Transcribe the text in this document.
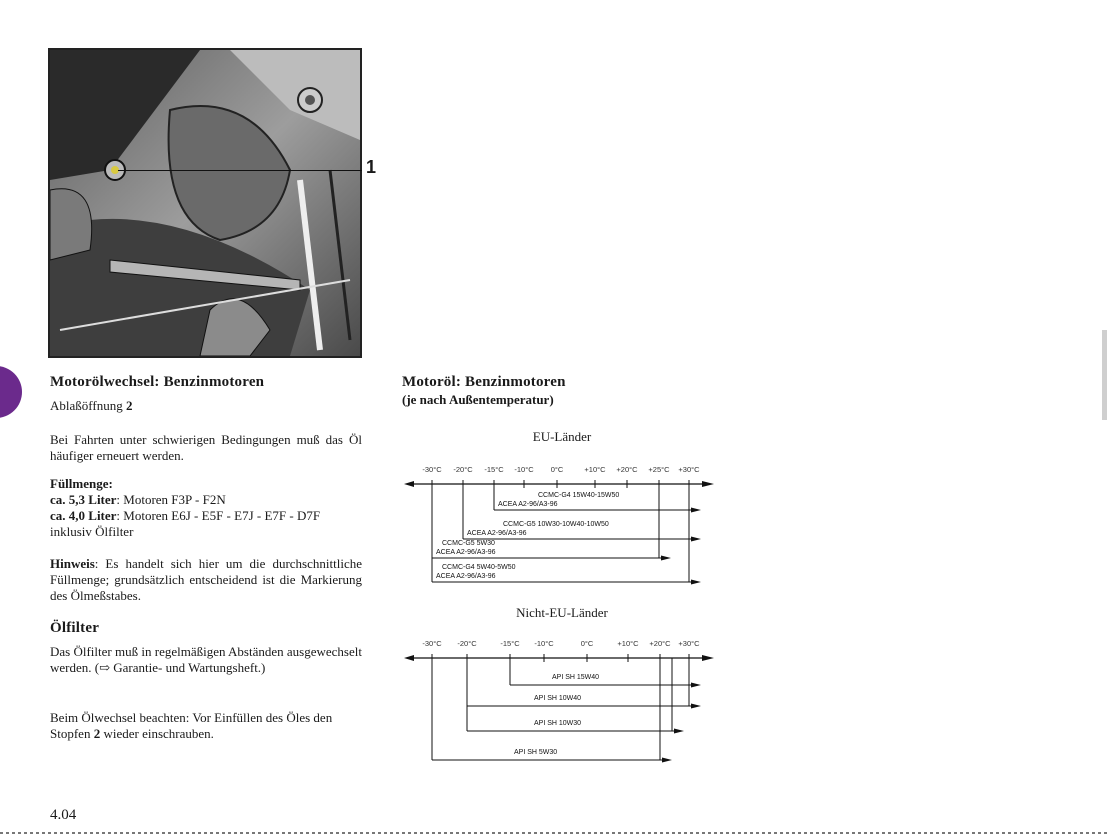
1
Motorölwechsel: Benzinmotoren

Ablaßöffnung 2

Bei Fahrten unter schwierigen Bedingungen muß das Öl häufiger erneuert werden.

Füllmenge:

ca. 5,3 Liter: Motoren F3P - F2N

ca. 4,0 Liter: Motoren E6J - E5F - E7J - E7F - D7F

inklusiv Ölfilter

Hinweis: Es handelt sich hier um die durchschnittliche Füllmenge; grundsätzlich entscheidend ist die Markierung des Ölmeßstabes.

Ölfilter

Das Ölfilter muß in regelmäßigen Abständen ausgewechselt werden. (⇨ Garantie- und Wartungsheft.)

Beim Ölwechsel beachten: Vor Einfüllen des Öles den Stopfen 2 wieder einschrauben.

4.04
Motoröl: Benzinmotoren

(je nach Außentemperatur)

EU-Länder
-30°C -20°C -15°C -10°C 0°C	+10°C +20°C +25°C +30°C
CCMC-G4 15W40-15W50
ACEA A2-96/A3-96
CCMC-G5 10W30-10W40-10W50
ACEA A2-96/A3-96
CCMC-G5 5W30
ACEA A2-96/A3-96
CCMC-G4 5W40-5W50
ACEA A2-96/A3-96
Nicht-EU-Länder
-30°C -20°C	-15°C -10°C	0°C	+10°C +20°C +30°C
API SH 15W40
API SH 10W40
API SH 10W30
API SH 5W30
